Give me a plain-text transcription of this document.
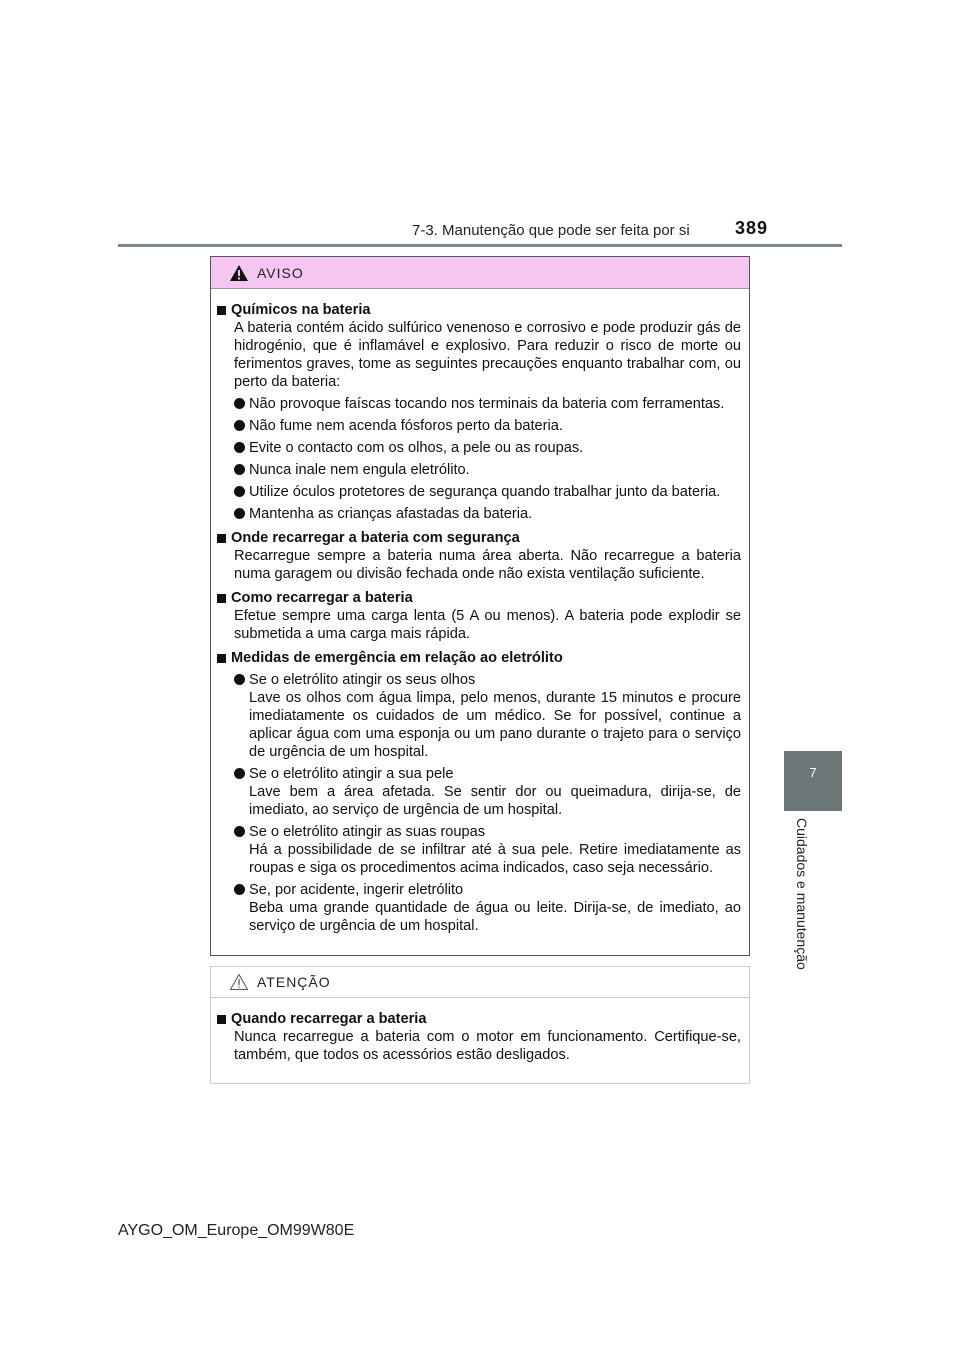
7-3. Manutenção que pode ser feita por si	389
7
Cuidados e manutenção
AVISO
Químicos na bateria
A bateria contém ácido sulfúrico venenoso e corrosivo e pode produzir gás de hidrogénio, que é inflamável e explosivo. Para reduzir o risco de morte ou ferimentos graves, tome as seguintes precauções enquanto trabalhar com, ou perto da bateria:
Não provoque faíscas tocando nos terminais da bateria com ferramentas.
Não fume nem acenda fósforos perto da bateria.
Evite o contacto com os olhos, a pele ou as roupas.
Nunca inale nem engula eletrólito.
Utilize óculos protetores de segurança quando trabalhar junto da bateria.
Mantenha as crianças afastadas da bateria.
Onde recarregar a bateria com segurança
Recarregue sempre a bateria numa área aberta. Não recarregue a bateria numa garagem ou divisão fechada onde não exista ventilação suficiente.
Como recarregar a bateria
Efetue sempre uma carga lenta (5 A ou menos). A bateria pode explodir se submetida a uma carga mais rápida.
Medidas de emergência em relação ao eletrólito
Se o eletrólito atingir os seus olhos
Lave os olhos com água limpa, pelo menos, durante 15 minutos e procure imediatamente os cuidados de um médico. Se for possível, continue a aplicar água com uma esponja ou um pano durante o trajeto para o serviço de urgência de um hospital.
Se o eletrólito atingir a sua pele
Lave bem a área afetada. Se sentir dor ou queimadura, dirija-se, de imediato, ao serviço de urgência de um hospital.
Se o eletrólito atingir as suas roupas
Há a possibilidade de se infiltrar até à sua pele. Retire imediatamente as roupas e siga os procedimentos acima indicados, caso seja necessário.
Se, por acidente, ingerir eletrólito
Beba uma grande quantidade de água ou leite. Dirija-se, de imediato, ao serviço de urgência de um hospital.
ATENÇÃO
Quando recarregar a bateria
Nunca recarregue a bateria com o motor em funcionamento. Certifique-se, também, que todos os acessórios estão desligados.
AYGO_OM_Europe_OM99W80E
